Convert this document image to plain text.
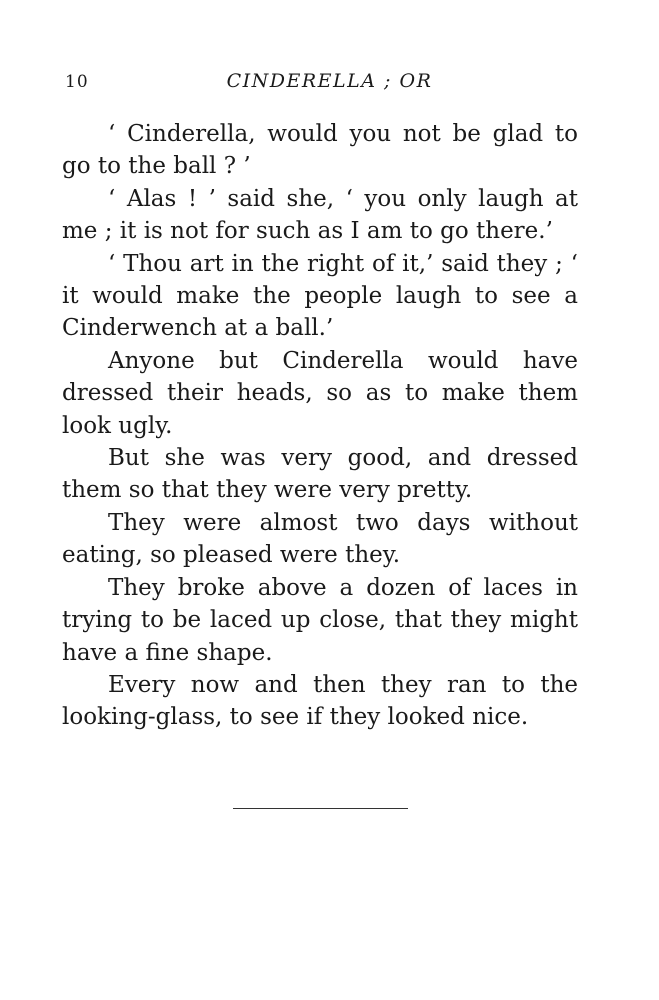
10	CINDERELLA ; OR

‘ Cinderella, would you not be glad to go to the ball ? ’

‘ Alas ! ’ said she, ‘ you only laugh at me ; it is not for such as I am to go there.’

‘ Thou art in the right of it,’ said they ; ‘ it would make the people laugh to see a Cinderwench at a ball.’

Anyone but Cinderella would have dressed their heads, so as to make them look ugly.

But she was very good, and dressed them so that they were very pretty.

They were almost two days without eating, so pleased were they.

They broke above a dozen of laces in trying to be laced up close, that they might have a fine shape.

Every now and then they ran to the looking-glass, to see if they looked nice.
